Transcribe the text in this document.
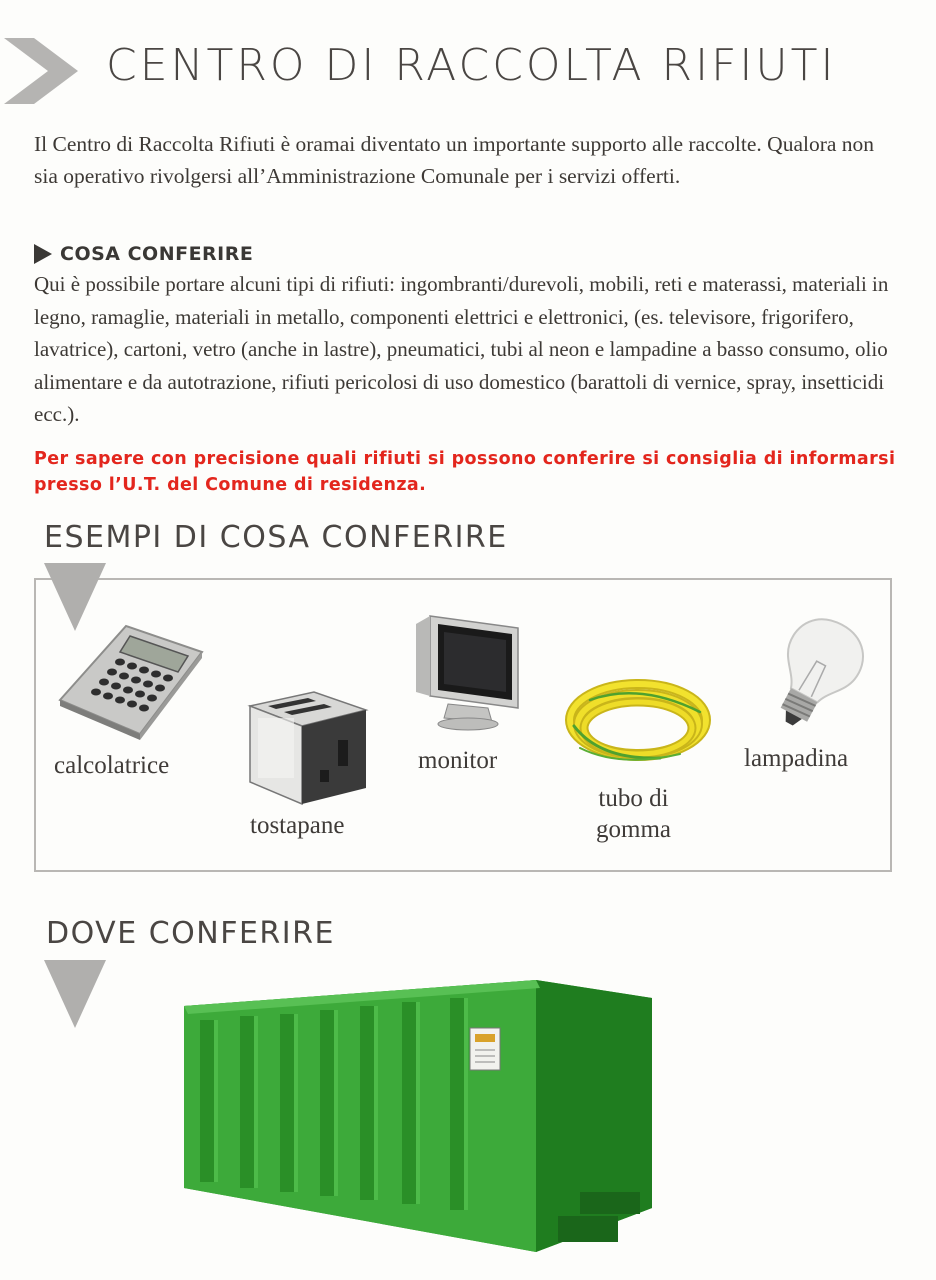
CENTRO DI RACCOLTA RIFIUTI
Il Centro di Raccolta Rifiuti è oramai diventato un importante supporto alle raccolte. Qualora non sia operativo rivolgersi all’Amministrazione Comunale per i servizi offerti.
COSA CONFERIRE
Qui è possibile portare alcuni tipi di rifiuti: ingombranti/durevoli, mobili, reti e materassi, materiali in legno, ramaglie, materiali in metallo, componenti elettrici e elettronici, (es. televisore, frigorifero, lavatrice), cartoni, vetro (anche in lastre), pneumatici, tubi al neon e lampadine a basso consumo, olio alimentare e da autotrazione, rifiuti pericolosi di uso domestico (barattoli di vernice, spray, insetticidi ecc.).
Per sapere con precisione quali rifiuti si possono conferire si consiglia di informarsi presso l’U.T. del Comune di residenza.
ESEMPI DI COSA CONFERIRE
calcolatrice
tostapane
monitor
tubo di
gomma
lampadina
DOVE CONFERIRE
